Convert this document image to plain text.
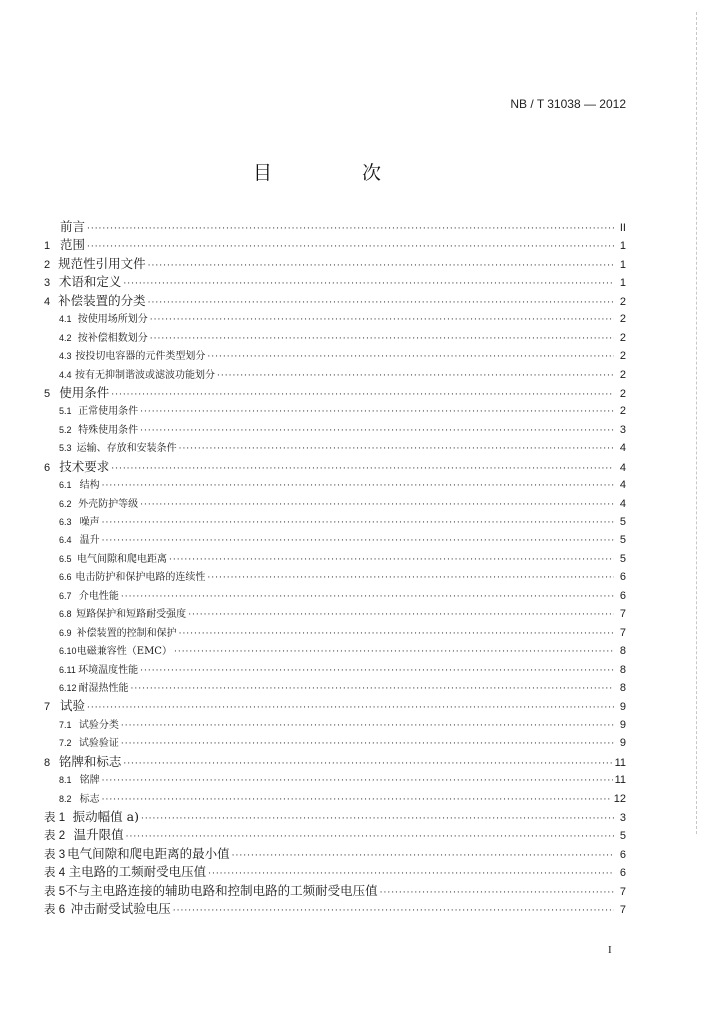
NB / T 31038 — 2012
目 次
前言 ·····	II
1 范围 ·····	1
2 规范性引用文件 ·····	1
3 术语和定义 ·····	1
4 补偿装置的分类 ·····	2
4.1 按使用场所划分 ·····	2
4.2 按补偿相数划分 ·····	2
4.3 按投切电容器的元件类型划分 ·····	2
4.4 按有无抑制谐波或滤波功能划分 ·····	2
5 使用条件 ·····	2
5.1 正常使用条件 ·····	2
5.2 特殊使用条件 ·····	3
5.3 运输、存放和安装条件 ·····	4
6 技术要求 ·····	4
6.1 结构 ·····	4
6.2 外壳防护等级 ·····	4
6.3 噪声 ·····	5
6.4 温升 ·····	5
6.5 电气间隙和爬电距离 ·····	5
6.6 电击防护和保护电路的连续性 ·····	6
6.7 介电性能 ·····	6
6.8 短路保护和短路耐受强度 ·····	7
6.9 补偿装置的控制和保护 ·····	7
6.10 电磁兼容性（EMC） ·····	8
6.11 环境温度性能 ·····	8
6.12 耐湿热性能 ·····	8
7 试验 ·····	9
7.1 试验分类 ·····	9
7.2 试验验证 ·····	9
8 铭牌和标志 ·····	11
8.1 铭牌 ·····	11
8.2 标志 ·····	12
表 1 振动幅值 a) ·····	3
表 2 温升限值 ·····	5
表 3 电气间隙和爬电距离的最小值 ·····	6
表 4 主电路的工频耐受电压值 ·····	6
表 5 不与主电路连接的辅助电路和控制电路的工频耐受电压值 ·····	7
表 6 冲击耐受试验电压 ·····	7
I
